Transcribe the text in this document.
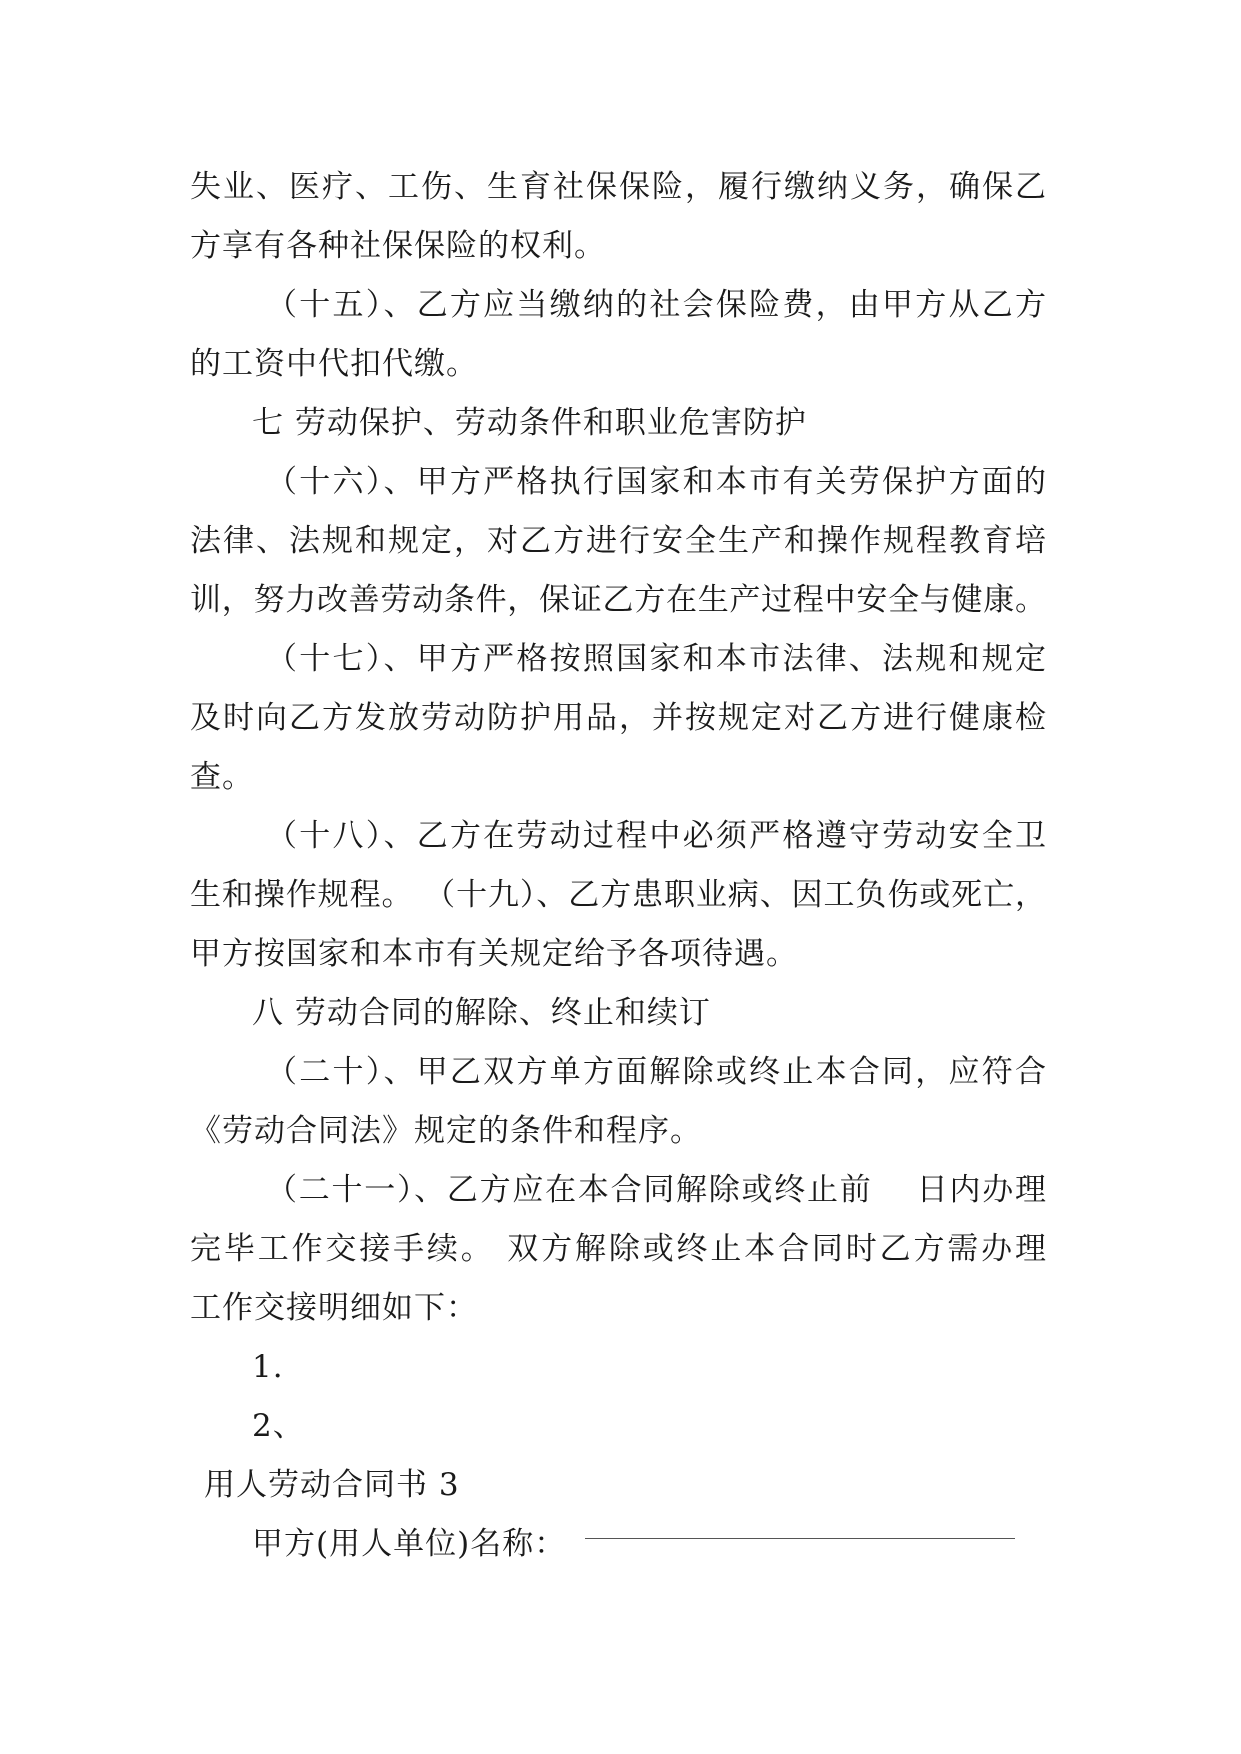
失业、医疗、工伤、生育社保保险，履行缴纳义务，确保乙
方享有各种社保保险的权利。
（十五）、乙方应当缴纳的社会保险费，由甲方从乙方
的工资中代扣代缴。
七 劳动保护、劳动条件和职业危害防护
（十六）、甲方严格执行国家和本市有关劳保护方面的
法律、法规和规定，对乙方进行安全生产和操作规程教育培
训，努力改善劳动条件，保证乙方在生产过程中安全与健康。
（十七）、甲方严格按照国家和本市法律、法规和规定
及时向乙方发放劳动防护用品，并按规定对乙方进行健康检
查。
（十八）、乙方在劳动过程中必须严格遵守劳动安全卫
生和操作规程。 （十九）、乙方患职业病、因工负伤或死亡，
甲方按国家和本市有关规定给予各项待遇。
八 劳动合同的解除、终止和续订
（二十）、甲乙双方单方面解除或终止本合同，应符合
《劳动合同法》规定的条件和程序。
（二十一）、乙方应在本合同解除或终止前　 日内办理
完毕工作交接手续。 双方解除或终止本合同时乙方需办理
工作交接明细如下：
1.
2、
用人劳动合同书 3
甲方(用人单位)名称：
